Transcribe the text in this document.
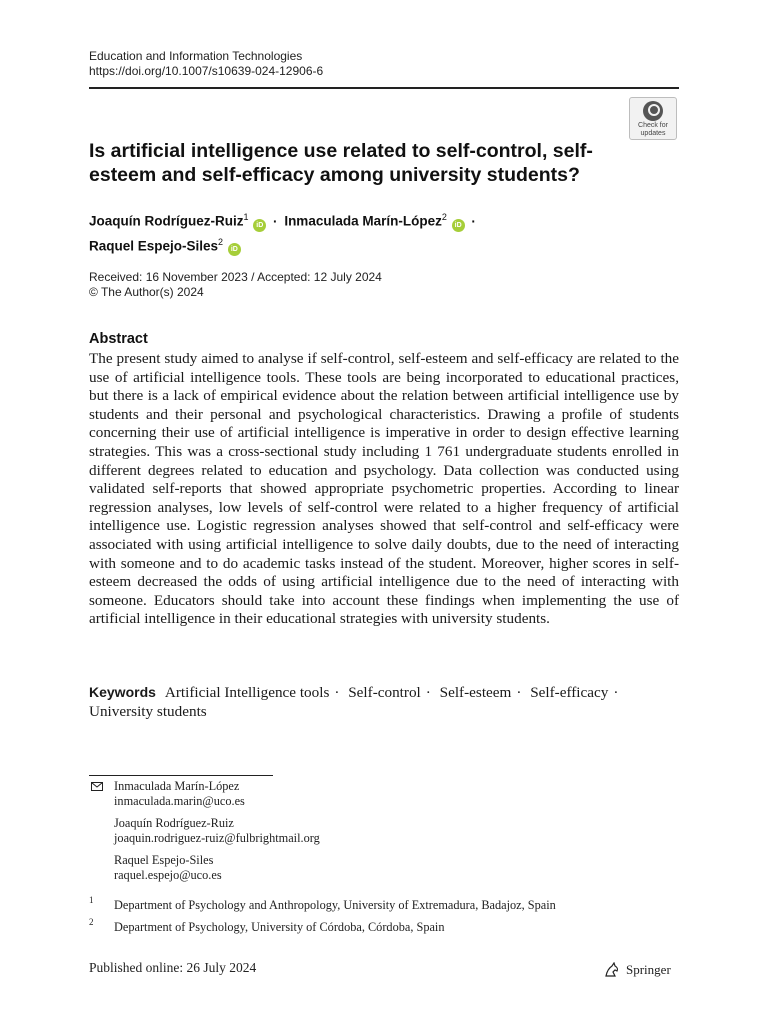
Education and Information Technologies
https://doi.org/10.1007/s10639-024-12906-6
Check for
updates
Is artificial intelligence use related to self-control, self-esteem and self-efficacy among university students?
Joaquín Rodríguez-Ruiz$^1$ iD · Inmaculada Marín-López$^2$ iD ·
Raquel Espejo-Siles$^2$ iD
Received: 16 November 2023 / Accepted: 12 July 2024
© The Author(s) 2024
Abstract
The present study aimed to analyse if self-control, self-esteem and self-efficacy are related to the use of artificial intelligence tools. These tools are being incorporated to educational practices, but there is a lack of empirical evidence about the relation between artificial intelligence use by students and their personal and psychological characteristics. Drawing a profile of students concerning their use of artificial intelligence is imperative in order to design effective learning strategies. This was a cross-sectional study including 1 761 undergraduate students enrolled in different degrees related to education and psychology. Data collection was conducted using validated self-reports that showed appropriate psychometric properties. According to linear regression analyses, low levels of self-control were related to a higher frequency of artificial intelligence use. Logistic regression analyses showed that self-control and self-efficacy were associated with using artificial intelligence to solve daily doubts, due to the need of interacting with someone and to do academic tasks instead of the student. Moreover, higher scores in self-esteem decreased the odds of using artificial intelligence due to the need of interacting with someone. Educators should take into account these findings when implementing the use of artificial intelligence in their educational strategies with university students.
Keywords Artificial Intelligence tools · Self-control · Self-esteem · Self-efficacy ·
University students
Inmaculada Marín-López
inmaculada.marin@uco.es
Joaquín Rodríguez-Ruiz
joaquin.rodriguez-ruiz@fulbrightmail.org
Raquel Espejo-Siles
raquel.espejo@uco.es
1 Department of Psychology and Anthropology, University of Extremadura, Badajoz, Spain
2 Department of Psychology, University of Córdoba, Córdoba, Spain
Published online: 26 July 2024	Springer
